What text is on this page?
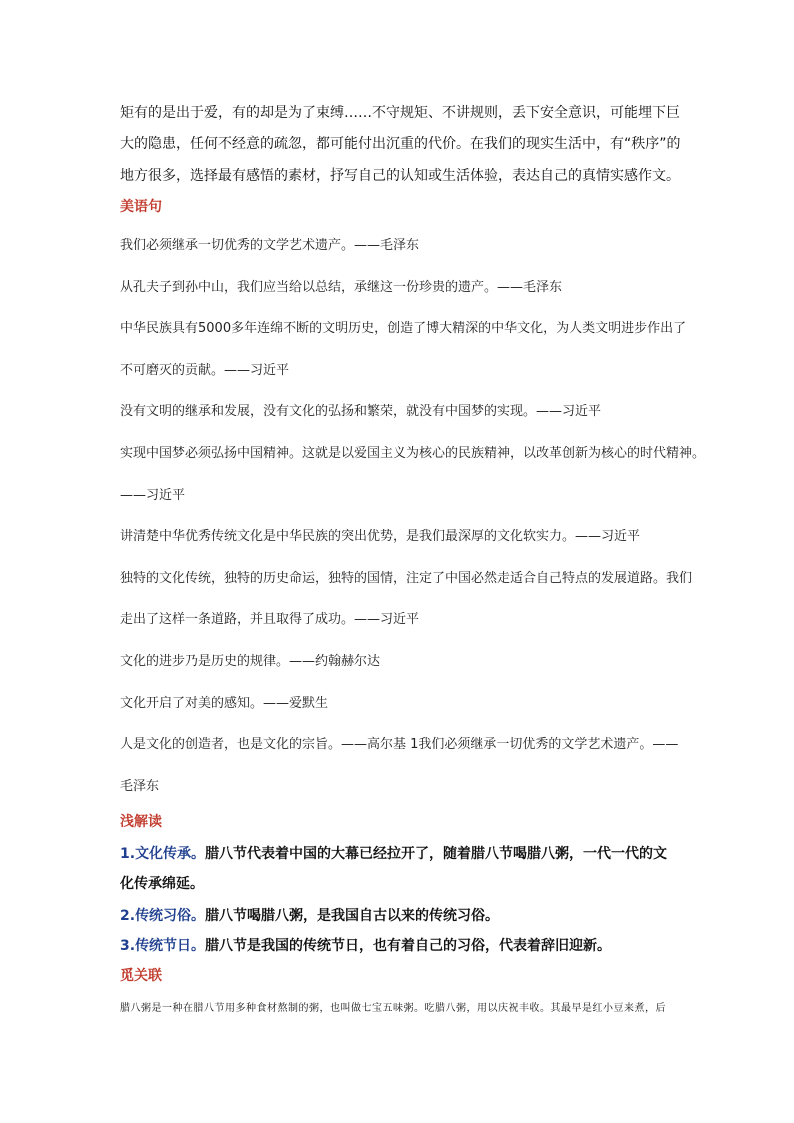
矩有的是出于爱，有的却是为了束缚……不守规矩、不讲规则，丢下安全意识，可能埋下巨
大的隐患，任何不经意的疏忽，都可能付出沉重的代价。在我们的现实生活中，有“秩序”的
地方很多，选择最有感悟的素材，抒写自己的认知或生活体验，表达自己的真情实感作文。
美语句
我们必须继承一切优秀的文学艺术遗产。——毛泽东
从孔夫子到孙中山，我们应当给以总结，承继这一份珍贵的遗产。——毛泽东
中华民族具有5000多年连绵不断的文明历史，创造了博大精深的中华文化，为人类文明进步作出了
不可磨灭的贡献。——习近平
没有文明的继承和发展，没有文化的弘扬和繁荣，就没有中国梦的实现。——习近平
实现中国梦必须弘扬中国精神。这就是以爱国主义为核心的民族精神，以改革创新为核心的时代精神。
——习近平
讲清楚中华优秀传统文化是中华民族的突出优势，是我们最深厚的文化软实力。——习近平
独特的文化传统，独特的历史命运，独特的国情，注定了中国必然走适合自己特点的发展道路。我们
走出了这样一条道路，并且取得了成功。——习近平
文化的进步乃是历史的规律。——约翰赫尔达
文化开启了对美的感知。——爱默生
人是文化的创造者，也是文化的宗旨。——高尔基 1我们必须继承一切优秀的文学艺术遗产。——
毛泽东
浅解读
1.文化传承。腊八节代表着中国的大幕已经拉开了，随着腊八节喝腊八粥，一代一代的文
化传承绵延。
2.传统习俗。腊八节喝腊八粥，是我国自古以来的传统习俗。
3.传统节日。腊八节是我国的传统节日，也有着自己的习俗，代表着辞旧迎新。
觅关联
腊八粥是一种在腊八节用多种食材熬制的粥，也叫做七宝五味粥。吃腊八粥，用以庆祝丰收。其最早是红小豆来煮，后
